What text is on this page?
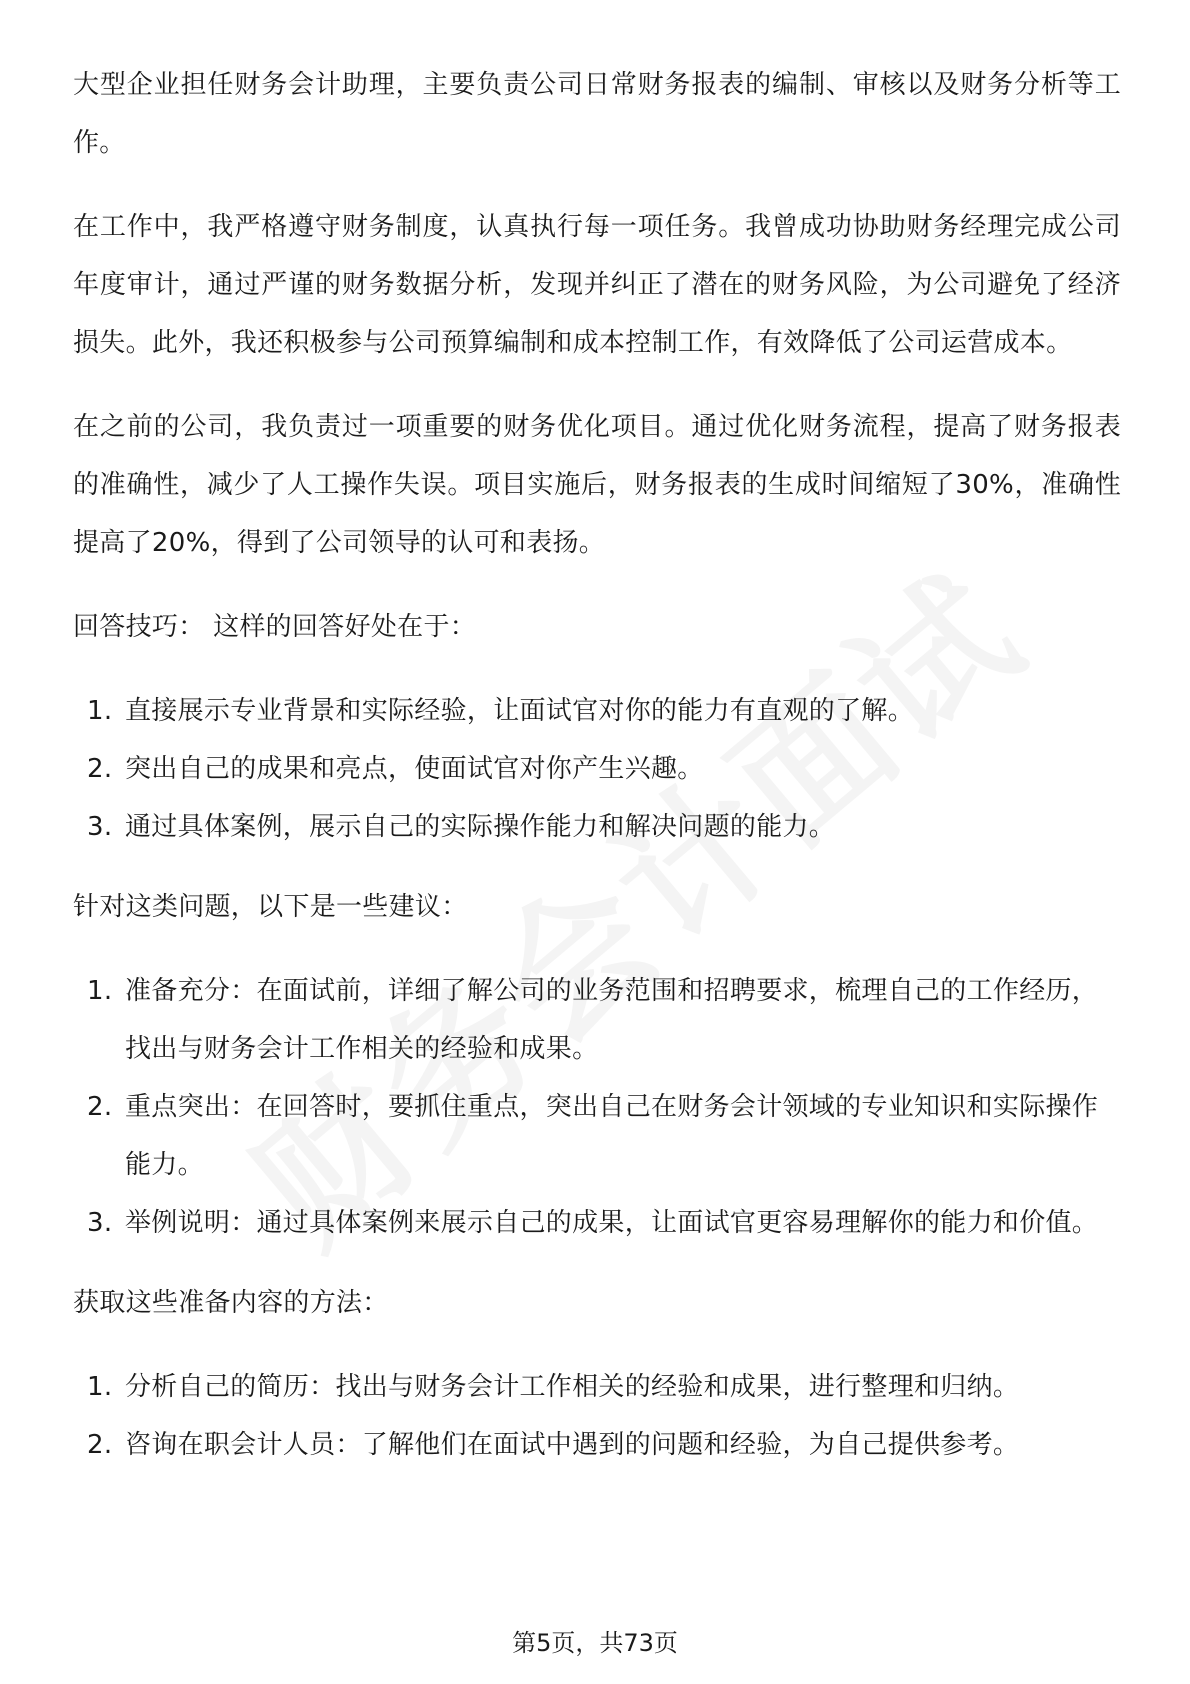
大型企业担任财务会计助理，主要负责公司日常财务报表的编制、审核以及财务分析等工作。

在工作中，我严格遵守财务制度，认真执行每一项任务。我曾成功协助财务经理完成公司年度审计，通过严谨的财务数据分析，发现并纠正了潜在的财务风险，为公司避免了经济损失。此外，我还积极参与公司预算编制和成本控制工作，有效降低了公司运营成本。

在之前的公司，我负责过一项重要的财务优化项目。通过优化财务流程，提高了财务报表的准确性，减少了人工操作失误。项目实施后，财务报表的生成时间缩短了30%，准确性提高了20%，得到了公司领导的认可和表扬。

回答技巧： 这样的回答好处在于：

1. 直接展示专业背景和实际经验，让面试官对你的能力有直观的了解。
2. 突出自己的成果和亮点，使面试官对你产生兴趣。
3. 通过具体案例，展示自己的实际操作能力和解决问题的能力。

针对这类问题，以下是一些建议：

1. 准备充分：在面试前，详细了解公司的业务范围和招聘要求，梳理自己的工作经历，找出与财务会计工作相关的经验和成果。
2. 重点突出：在回答时，要抓住重点，突出自己在财务会计领域的专业知识和实际操作能力。
3. 举例说明：通过具体案例来展示自己的成果，让面试官更容易理解你的能力和价值。

获取这些准备内容的方法：

1. 分析自己的简历：找出与财务会计工作相关的经验和成果，进行整理和归纳。
2. 咨询在职会计人员：了解他们在面试中遇到的问题和经验，为自己提供参考。
第5页，共73页
